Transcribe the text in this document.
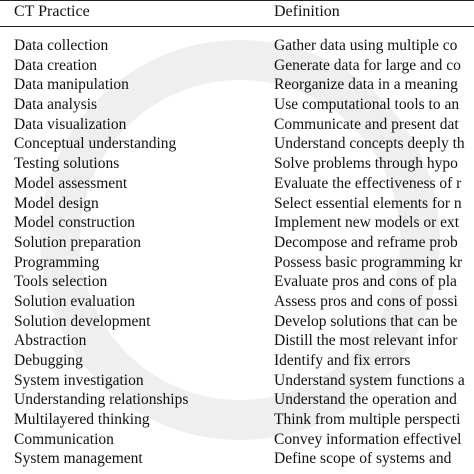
CT Practice	Definition
Data collection	Gather data using multiple co
Data creation	Generate data for large and co
Data manipulation	Reorganize data in a meaning
Data analysis	Use computational tools to an
Data visualization	Communicate and present dat
Conceptual understanding	Understand concepts deeply th
Testing solutions	Solve problems through hypo
Model assessment	Evaluate the effectiveness of r
Model design	Select essential elements for n
Model construction	Implement new models or ext
Solution preparation	Decompose and reframe prob
Programming	Possess basic programming kr
Tools selection	Evaluate pros and cons of pla
Solution evaluation	Assess pros and cons of possi
Solution development	Develop solutions that can be
Abstraction	Distill the most relevant infor
Debugging	Identify and fix errors
System investigation	Understand system functions a
Understanding relationships	Understand the operation and
Multilayered thinking	Think from multiple perspecti
Communication	Convey information effectivel
System management	Define scope of systems and
